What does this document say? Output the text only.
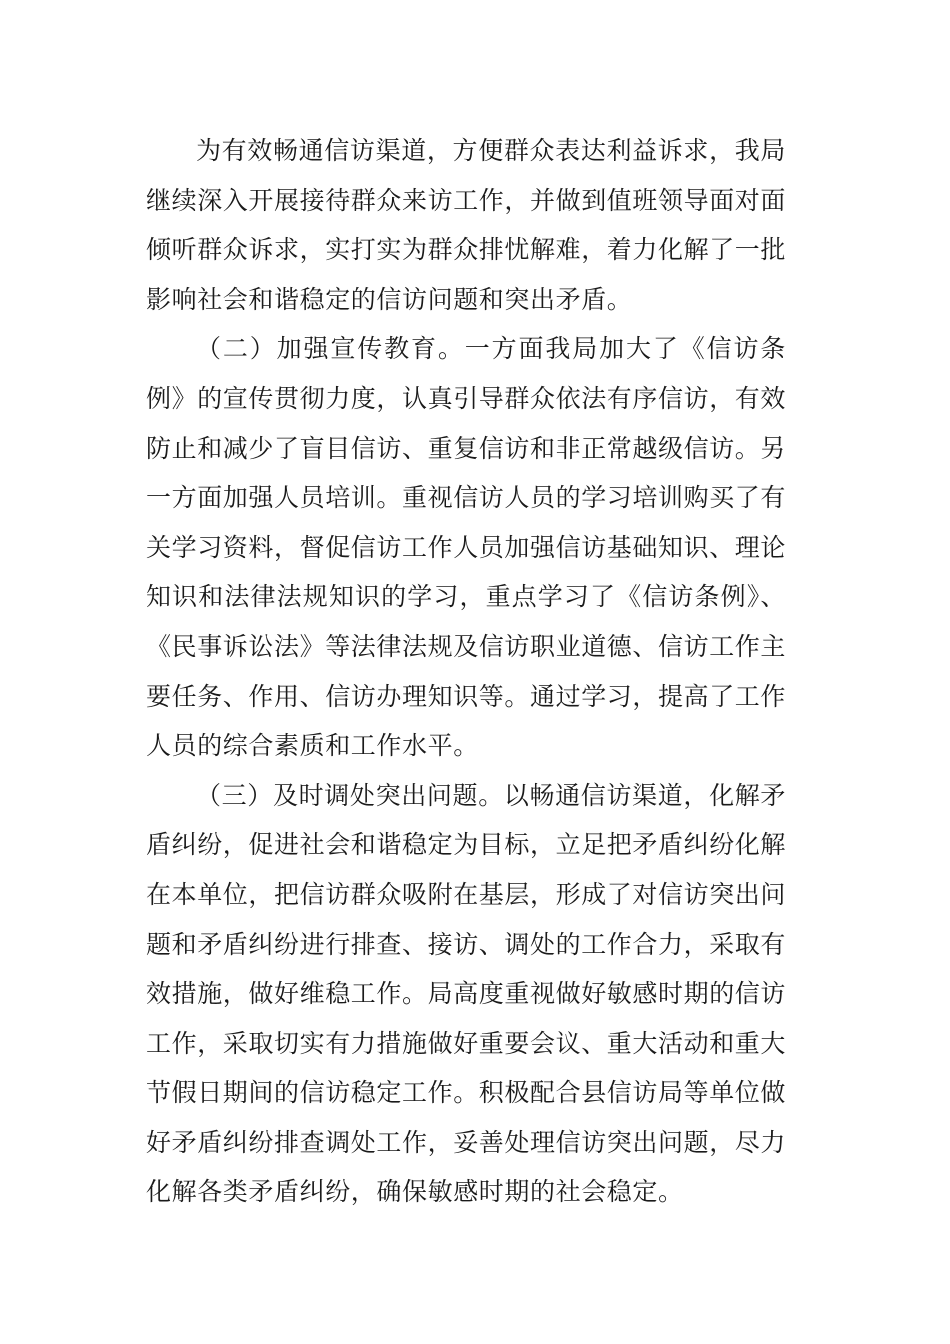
为有效畅通信访渠道，方便群众表达利益诉求，我局继续深入开展接待群众来访工作，并做到值班领导面对面倾听群众诉求，实打实为群众排忧解难，着力化解了一批影响社会和谐稳定的信访问题和突出矛盾。

（二）加强宣传教育。一方面我局加大了《信访条例》的宣传贯彻力度，认真引导群众依法有序信访，有效防止和减少了盲目信访、重复信访和非正常越级信访。另一方面加强人员培训。重视信访人员的学习培训购买了有关学习资料，督促信访工作人员加强信访基础知识、理论知识和法律法规知识的学习，重点学习了《信访条例》、《民事诉讼法》等法律法规及信访职业道德、信访工作主要任务、作用、信访办理知识等。通过学习，提高了工作人员的综合素质和工作水平。

（三）及时调处突出问题。以畅通信访渠道，化解矛盾纠纷，促进社会和谐稳定为目标，立足把矛盾纠纷化解在本单位，把信访群众吸附在基层，形成了对信访突出问题和矛盾纠纷进行排查、接访、调处的工作合力，采取有效措施，做好维稳工作。局高度重视做好敏感时期的信访工作，采取切实有力措施做好重要会议、重大活动和重大节假日期间的信访稳定工作。积极配合县信访局等单位做好矛盾纠纷排查调处工作，妥善处理信访突出问题，尽力化解各类矛盾纠纷，确保敏感时期的社会稳定。
